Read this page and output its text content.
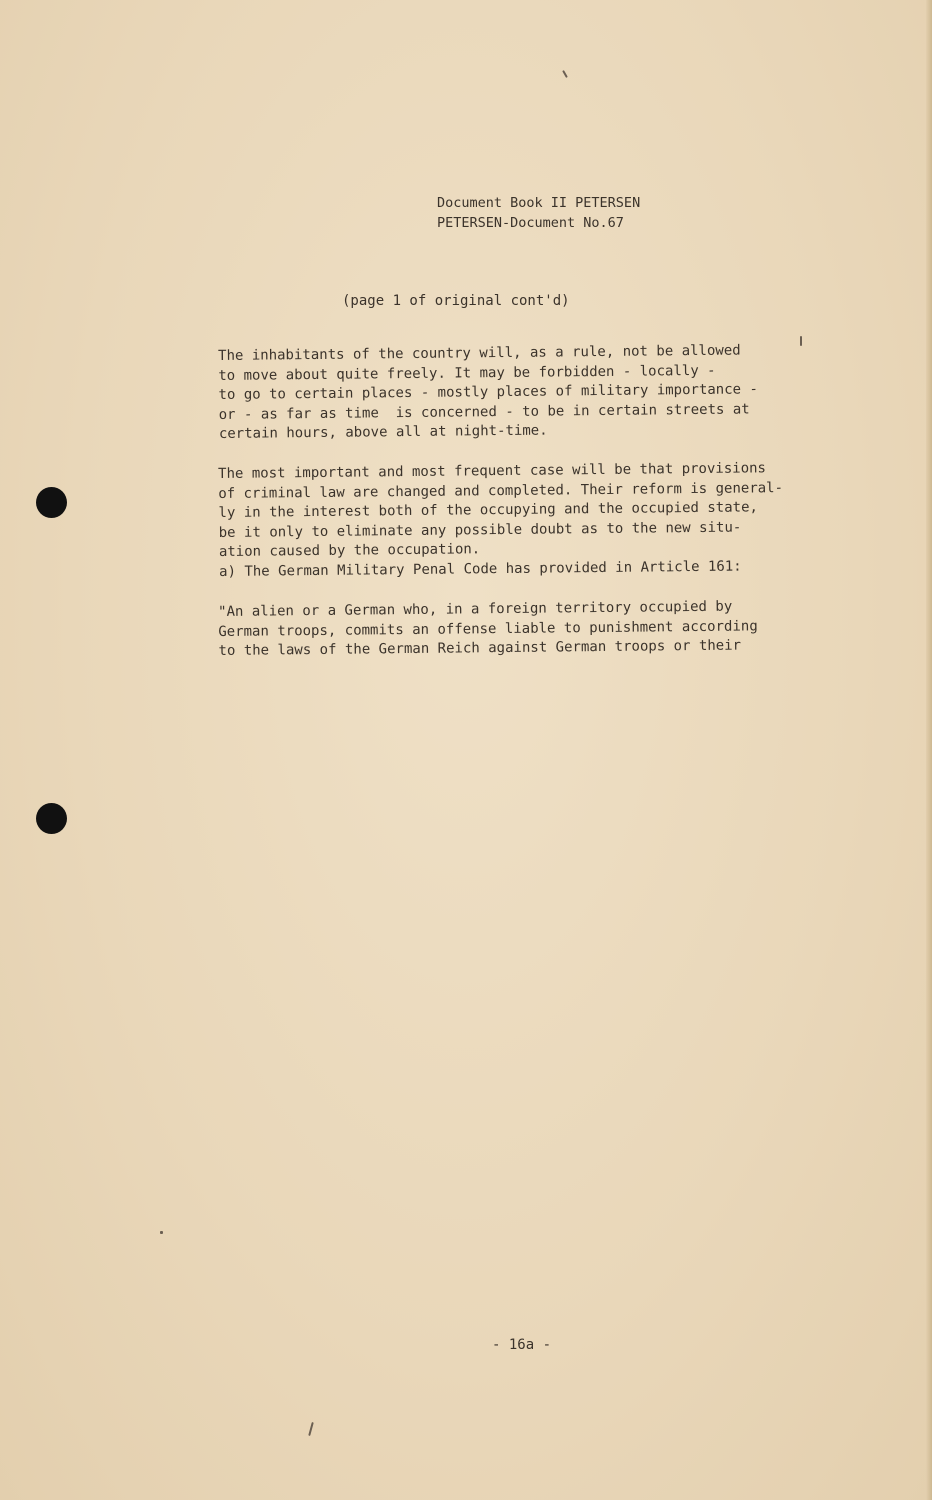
Document Book II PETERSEN
PETERSEN-Document No.67
(page 1 of original cont'd)
The inhabitants of the country will, as a rule, not be allowed
to move about quite freely. It may be forbidden - locally -
to go to certain places - mostly places of military importance -
or - as far as time  is concerned - to be in certain streets at
certain hours, above all at night-time.
The most important and most frequent case will be that provisions
of criminal law are changed and completed. Their reform is general-
ly in the interest both of the occupying and the occupied state,
be it only to eliminate any possible doubt as to the new situ-
ation caused by the occupation.
a) The German Military Penal Code has provided in Article 161:
"An alien or a German who, in a foreign territory occupied by
German troops, commits an offense liable to punishment according
to the laws of the German Reich against German troops or their
- 16a -
